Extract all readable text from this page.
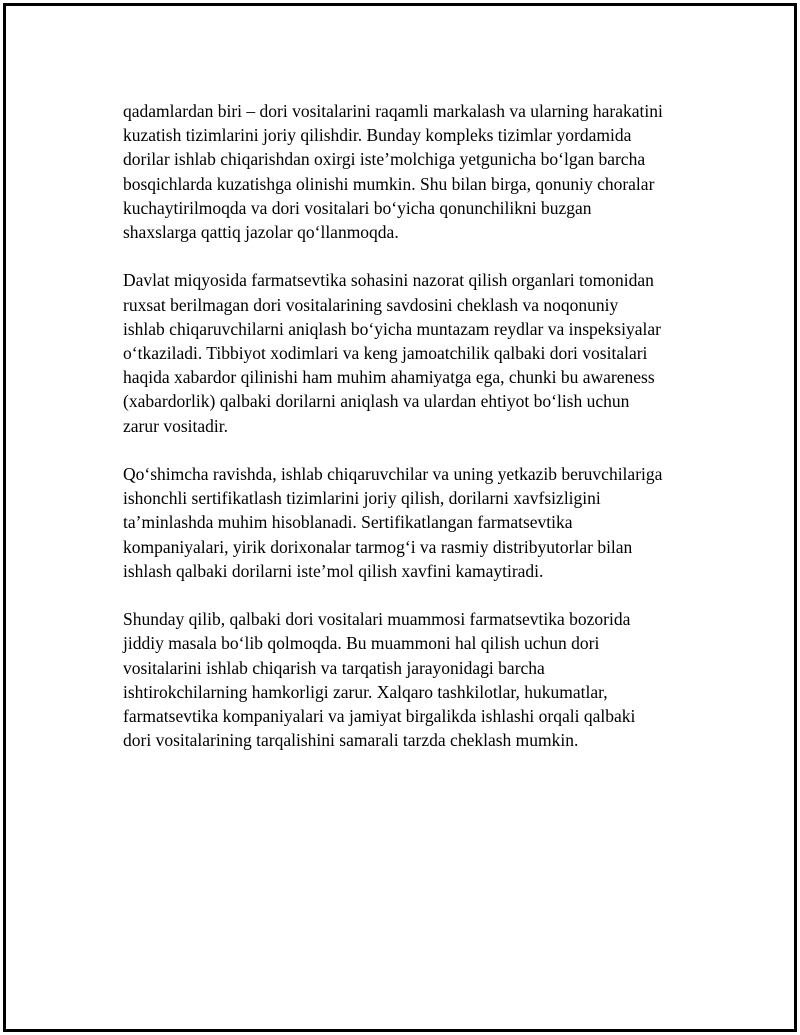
qadamlardan biri – dori vositalarini raqamli markalash va ularning harakatini
kuzatish tizimlarini joriy qilishdir. Bunday kompleks tizimlar yordamida
dorilar ishlab chiqarishdan oxirgi iste’molchiga yetgunicha bo‘lgan barcha
bosqichlarda kuzatishga olinishi mumkin. Shu bilan birga, qonuniy choralar
kuchaytirilmoqda va dori vositalari bo‘yicha qonunchilikni buzgan
shaxslarga qattiq jazolar qo‘llanmoqda.

Davlat miqyosida farmatsevtika sohasini nazorat qilish organlari tomonidan
ruxsat berilmagan dori vositalarining savdosini cheklash va noqonuniy
ishlab chiqaruvchilarni aniqlash bo‘yicha muntazam reydlar va inspeksiyalar
o‘tkaziladi. Tibbiyot xodimlari va keng jamoatchilik qalbaki dori vositalari
haqida xabardor qilinishi ham muhim ahamiyatga ega, chunki bu awareness
(xabardorlik) qalbaki dorilarni aniqlash va ulardan ehtiyot bo‘lish uchun
zarur vositadir.

Qo‘shimcha ravishda, ishlab chiqaruvchilar va uning yetkazib beruvchilariga
ishonchli sertifikatlash tizimlarini joriy qilish, dorilarni xavfsizligini
ta’minlashda muhim hisoblanadi. Sertifikatlangan farmatsevtika
kompaniyalari, yirik dorixonalar tarmog‘i va rasmiy distribyutorlar bilan
ishlash qalbaki dorilarni iste’mol qilish xavfini kamaytiradi.

Shunday qilib, qalbaki dori vositalari muammosi farmatsevtika bozorida
jiddiy masala bo‘lib qolmoqda. Bu muammoni hal qilish uchun dori
vositalarini ishlab chiqarish va tarqatish jarayonidagi barcha
ishtirokchilarning hamkorligi zarur. Xalqaro tashkilotlar, hukumatlar,
farmatsevtika kompaniyalari va jamiyat birgalikda ishlashi orqali qalbaki
dori vositalarining tarqalishini samarali tarzda cheklash mumkin.
